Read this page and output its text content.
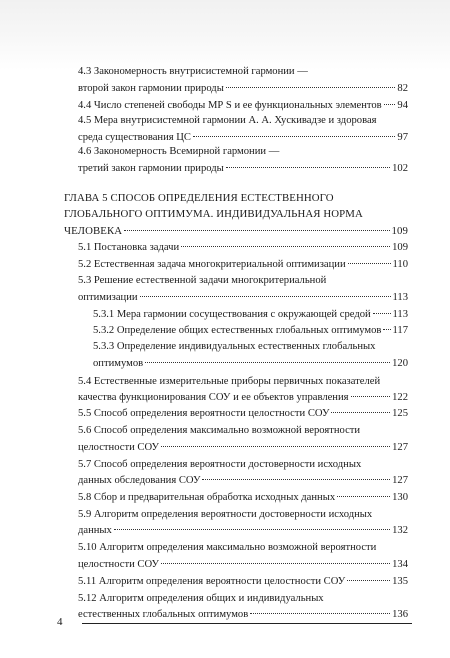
4.3 Закономерность внутрисистемной гармонии —
второй закон гармонии природы	82
4.4 Число степеней свободы МР S и ее функциональных элементов 94
4.5 Мера внутрисистемной гармонии А. А. Хускивадзе и здоровая
среда существования ЦС	97
4.6 Закономерность Всемирной гармонии —
третий закон гармонии природы	102
ГЛАВА 5 СПОСОБ ОПРЕДЕЛЕНИЯ ЕСТЕСТВЕННОГО
ГЛОБАЛЬНОГО ОПТИМУМА. ИНДИВИДУАЛЬНАЯ НОРМА
ЧЕЛОВЕКА	109
5.1 Постановка задачи	109
5.2 Естественная задача многокритериальной оптимизации	110
5.3 Решение естественной задачи многокритериальной
оптимизации	113
5.3.1 Мера гармонии сосуществования с окружающей средой 113
5.3.2 Определение общих естественных глобальных оптимумов 117
5.3.3 Определение индивидуальных естественных глобальных
оптимумов	120
5.4 Естественные измерительные приборы первичных показателей
качества функционирования СОУ и ее объектов управления	122
5.5 Способ определения вероятности целостности СОУ	125
5.6 Способ определения максимально возможной вероятности
целостности СОУ	127
5.7 Способ определения вероятности достоверности исходных
данных обследования СОУ	127
5.8 Сбор и предварительная обработка исходных данных	130
5.9 Алгоритм определения вероятности достоверности исходных
данных	132
5.10 Алгоритм определения максимально возможной вероятности
целостности СОУ	134
5.11 Алгоритм определения вероятности целостности СОУ	135
5.12 Алгоритм определения общих и индивидуальных
естественных глобальных оптимумов	136
4
